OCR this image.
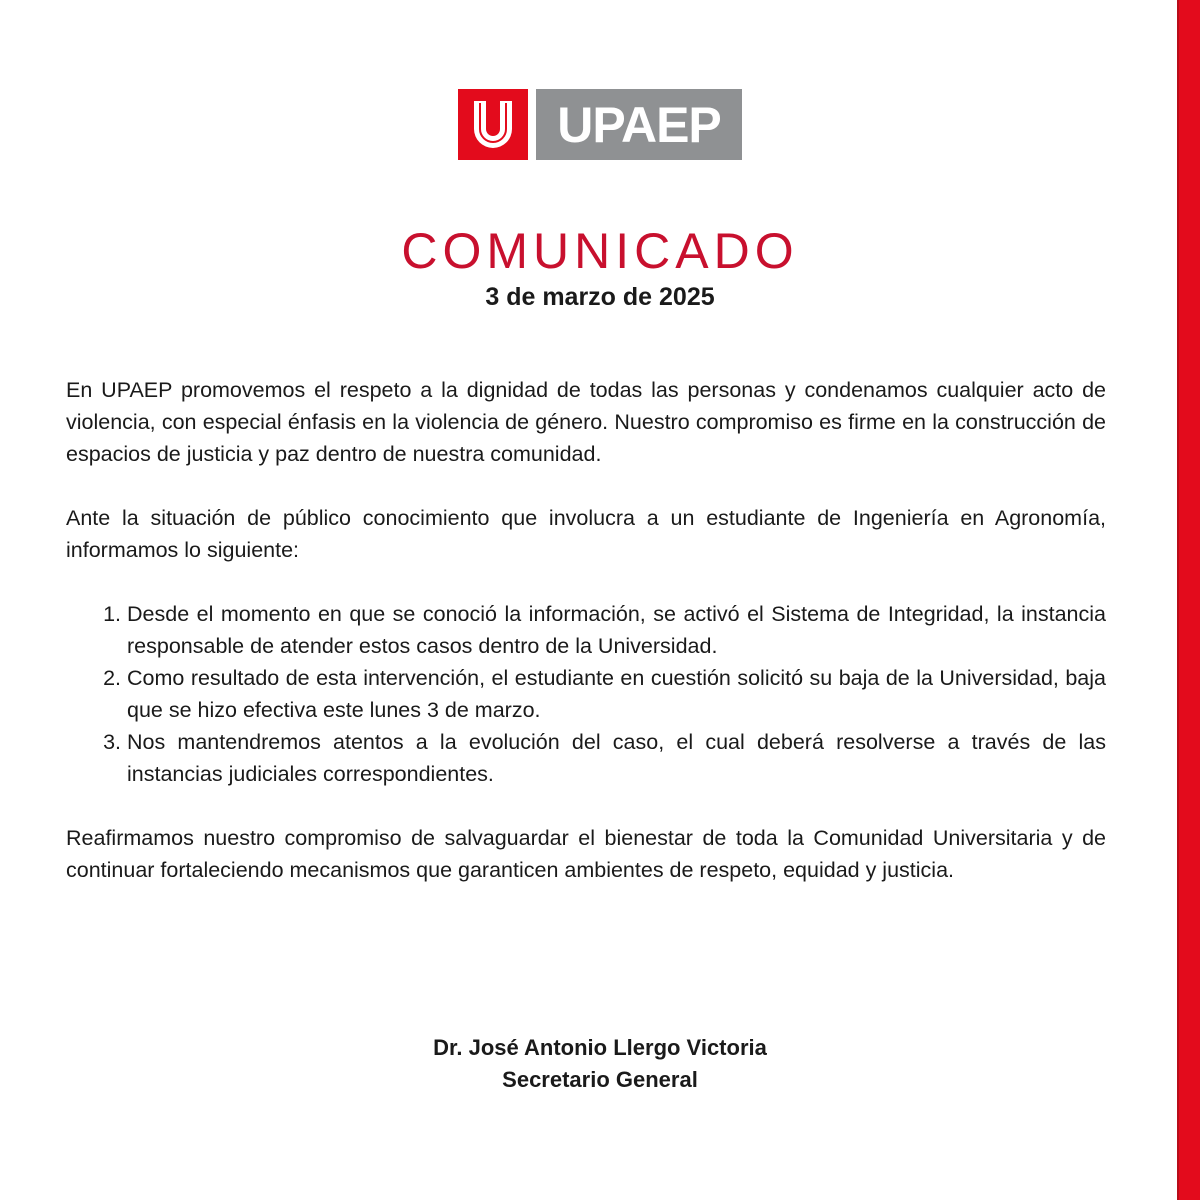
UPAEP
COMUNICADO
3 de marzo de 2025

En UPAEP promovemos el respeto a la dignidad de todas las personas y condenamos cualquier acto de violencia, con especial énfasis en la violencia de género. Nuestro compromiso es firme en la construcción de espacios de justicia y paz dentro de nuestra comunidad.

Ante la situación de público conocimiento que involucra a un estudiante de Ingeniería en Agronomía, informamos lo siguiente:

1. Desde el momento en que se conoció la información, se activó el Sistema de Integridad, la instancia responsable de atender estos casos dentro de la Universidad.
2. Como resultado de esta intervención, el estudiante en cuestión solicitó su baja de la Universidad, baja que se hizo efectiva este lunes 3 de marzo.
3. Nos mantendremos atentos a la evolución del caso, el cual deberá resolverse a través de las instancias judiciales correspondientes.

Reafirmamos nuestro compromiso de salvaguardar el bienestar de toda la Comunidad Universitaria y de continuar fortaleciendo mecanismos que garanticen ambientes de respeto, equidad y justicia.

Dr. José Antonio Llergo Victoria
Secretario General
